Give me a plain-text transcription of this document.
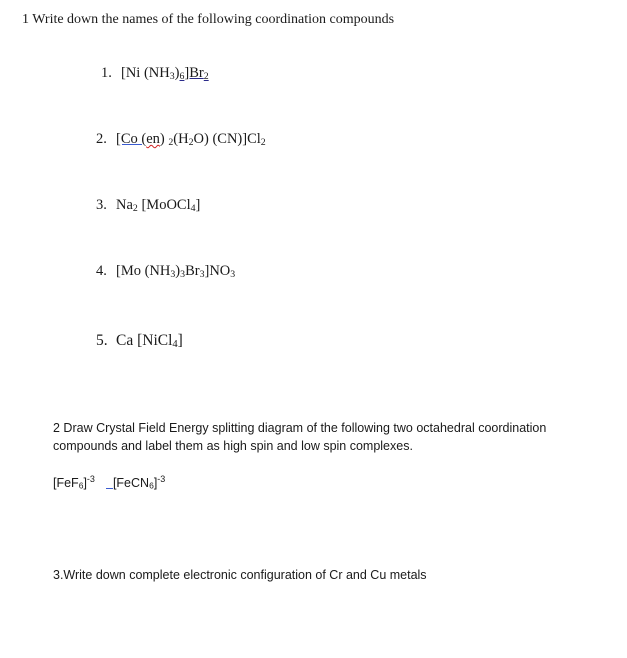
1 Write down the names of the following coordination compounds
1. [Ni $(NH_3)_6]Br_2$
2. [Co (en) $_2(H_2O)$ $(CN)]Cl_2$
3. $Na_2$ [MoOCl$_4$]
4. [Mo $(NH_3)_3Br_3]NO_3$
5. Ca [NiCl$_4$]
2 Draw Crystal Field Energy splitting diagram of the following two octahedral coordination compounds and label them as high spin and low spin complexes.
$[FeF_6]^{-3}$	[FeCN$_6$]$^{-3}$
3.Write down complete electronic configuration of Cr and Cu metals
